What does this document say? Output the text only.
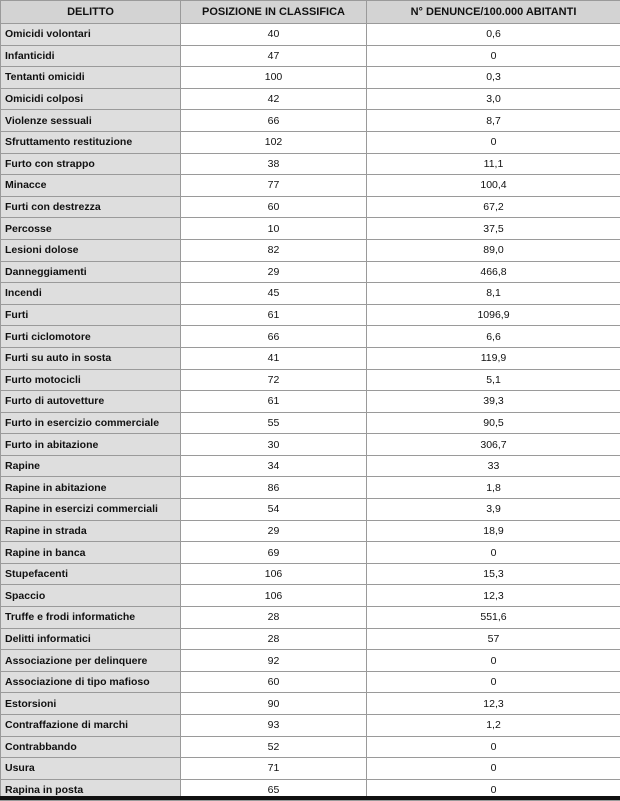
DELITTO	POSIZIONE IN CLASSIFICA	N° DENUNCE/100.000 ABITANTI
Omicidi volontari	40	0,6
Infanticidi	47	0
Tentanti omicidi	100	0,3
Omicidi colposi	42	3,0
Violenze sessuali	66	8,7
Sfruttamento restituzione	102	0
Furto con strappo	38	11,1
Minacce	77	100,4
Furti con destrezza	60	67,2
Percosse	10	37,5
Lesioni dolose	82	89,0
Danneggiamenti	29	466,8
Incendi	45	8,1
Furti	61	1096,9
Furti ciclomotore	66	6,6
Furti su auto in sosta	41	119,9
Furto motocicli	72	5,1
Furto di autovetture	61	39,3
Furto in esercizio commerciale	55	90,5
Furto in abitazione	30	306,7
Rapine	34	33
Rapine in abitazione	86	1,8
Rapine in esercizi commerciali	54	3,9
Rapine in strada	29	18,9
Rapine in banca	69	0
Stupefacenti	106	15,3
Spaccio	106	12,3
Truffe e frodi informatiche	28	551,6
Delitti informatici	28	57
Associazione per delinquere	92	0
Associazione di tipo mafioso	60	0
Estorsioni	90	12,3
Contraffazione di marchi	93	1,2
Contrabbando	52	0
Usura	71	0
Rapina in posta	65	0
